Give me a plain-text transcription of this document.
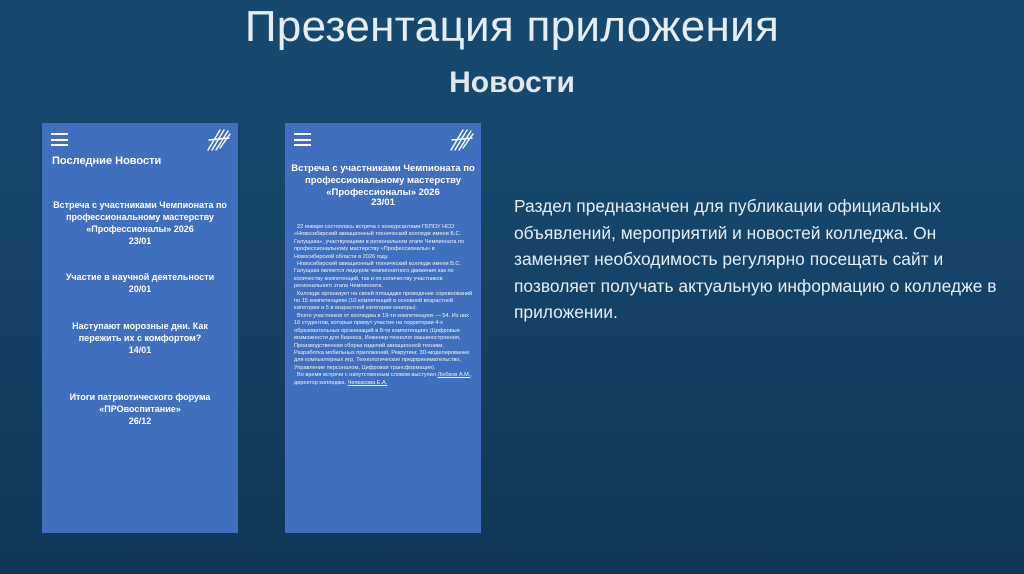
Презентация приложения
Новости
Последние Новости
Встреча с участниками Чемпионата по профессиональному мастерству «Профессионалы» 2026
23/01
Участие в научной деятельности
20/01
Наступают морозные дни. Как пережить их с комфортом?
14/01
Итоги патриотического форума «ПРОвоспитание»
26/12
Встреча с участниками Чемпионата по профессиональному мастерству «Профессионалы» 2026
23/01

22 января состоялась встреча с конкурсантами ГБПОУ НСО «Новосибирский авиационный технический колледж имени Б.С. Галущака», участвующими в региональном этапе Чемпионата по профессиональному мастерству «Профессионалы» в Новосибирской области в 2026 году.

Новосибирский авиационный технический колледж имени Б.С. Галущака является лидером чемпионатного движения как по количеству компетенций, так и по количеству участников регионального этапа Чемпионата.

Колледж организует на своей площадке проведение соревнований по 15 компетенциям (10 компетенций в основной возрастной категории и 5 в возрастной категории юниоры).

Всего участников от колледжа в 19-ти компетенциях — 54. Из них 16 студентов, которые примут участие на территории 4-х образовательных организаций в 8-ти компетенциях (Цифровые возможности для бизнеса, Инженер-технолог машиностроения, Производственная сборка изделий авиационной техники, Разработка мобильных приложений, Рекрутинг, 3D-моделирование для компьютерных игр, Технологическое предпринимательство, Управление персоналом, Цифровая трансформация).

Во время встречи с напутственным словом выступил Любков А.М., директор колледжа, Чепкасова Е.А.

Раздел предназначен для публикации официальных объявлений, мероприятий и новостей колледжа. Он заменяет необходимость регулярно посещать сайт и позволяет получать актуальную информацию о колледже в приложении.
